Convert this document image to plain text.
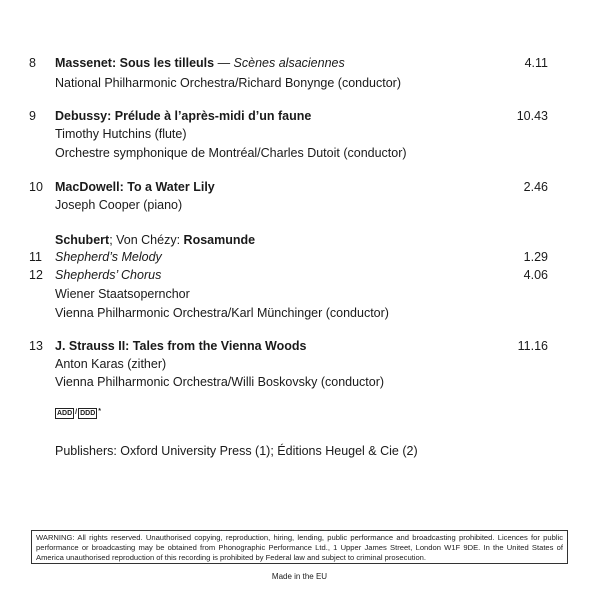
8 Massenet: Sous les tilleuls — Scènes alsaciennes	4.11
National Philharmonic Orchestra/Richard Bonynge (conductor)
9 Debussy: Prélude à l’après-midi d’un faune	10.43
Timothy Hutchins (flute)
Orchestre symphonique de Montréal/Charles Dutoit (conductor)
10 MacDowell: To a Water Lily	2.46
Joseph Cooper (piano)
Schubert; Von Chézy: Rosamunde
11 Shepherd’s Melody	1.29
12 Shepherds’ Chorus	4.06
Wiener Staatsopernchor
Vienna Philharmonic Orchestra/Karl Münchinger (conductor)
13 J. Strauss II: Tales from the Vienna Woods	11.16
Anton Karas (zither)
Vienna Philharmonic Orchestra/Willi Boskovsky (conductor)
ADD / DDD *
Publishers: Oxford University Press (1); Éditions Heugel & Cie (2)
WARNING: All rights reserved. Unauthorised copying, reproduction, hiring, lending, public performance and broadcasting prohibited. Licences for public performance or broadcasting may be obtained from Phonographic Performance Ltd., 1 Upper James Street, London W1F 9DE. In the United States of America unauthorised reproduction of this recording is prohibited by Federal law and subject to criminal prosecution.
Made in the EU
